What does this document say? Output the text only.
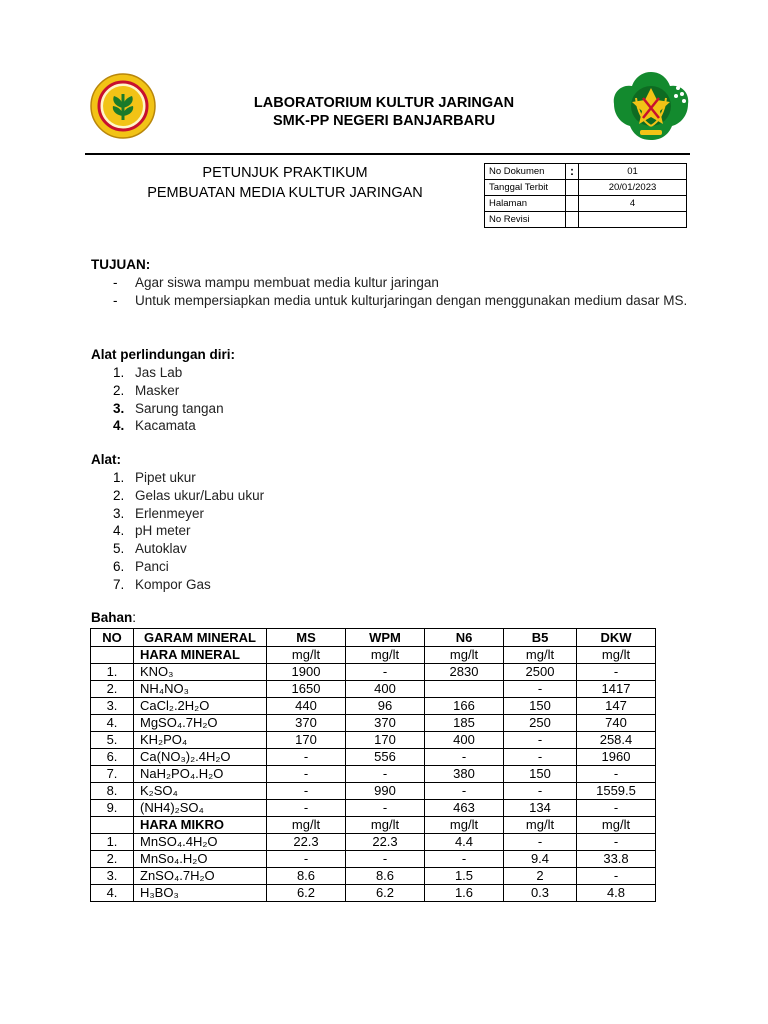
LABORATORIUM KULTUR JARINGAN
SMK-PP NEGERI BANJARBARU
PETUNJUK PRAKTIKUM
PEMBUATAN MEDIA KULTUR JARINGAN
No Dokumen	:	01
Tanggal Terbit		20/01/2023
Halaman		4
No Revisi		
TUJUAN:
-	Agar siswa mampu membuat media kultur jaringan
-	Untuk mempersiapkan media untuk kulturjaringan dengan menggunakan medium dasar MS.
Alat perlindungan diri:
1. Jas Lab
2. Masker
3. Sarung tangan
4. Kacamata
Alat:
1. Pipet ukur
2. Gelas ukur/Labu ukur
3. Erlenmeyer
4. pH meter
5. Autoklav
6. Panci
7. Kompor Gas
Bahan:
NO	GARAM MINERAL	MS	WPM	N6	B5	DKW
	HARA MINERAL	mg/lt	mg/lt	mg/lt	mg/lt	mg/lt
1.	KNO₃	1900	-	2830	2500	-
2.	NH₄NO₃	1650	400		-	1417
3.	CaCl₂.2H₂O	440	96	166	150	147
4.	MgSO₄.7H₂O	370	370	185	250	740
5.	KH₂PO₄	170	170	400	-	258.4
6.	Ca(NO₃)₂.4H₂O	-	556	-	-	1960
7.	NaH₂PO₄.H₂O	-	-	380	150	-
8.	K₂SO₄	-	990	-	-	1559.5
9.	(NH4)₂SO₄	-	-	463	134	-
	HARA MIKRO	mg/lt	mg/lt	mg/lt	mg/lt	mg/lt
1.	MnSO₄.4H₂O	22.3	22.3	4.4	-	-
2.	MnSo₄.H₂O	-	-	-	9.4	33.8
3.	ZnSO₄.7H₂O	8.6	8.6	1.5	2	-
4.	H₃BO₃	6.2	6.2	1.6	0.3	4.8
